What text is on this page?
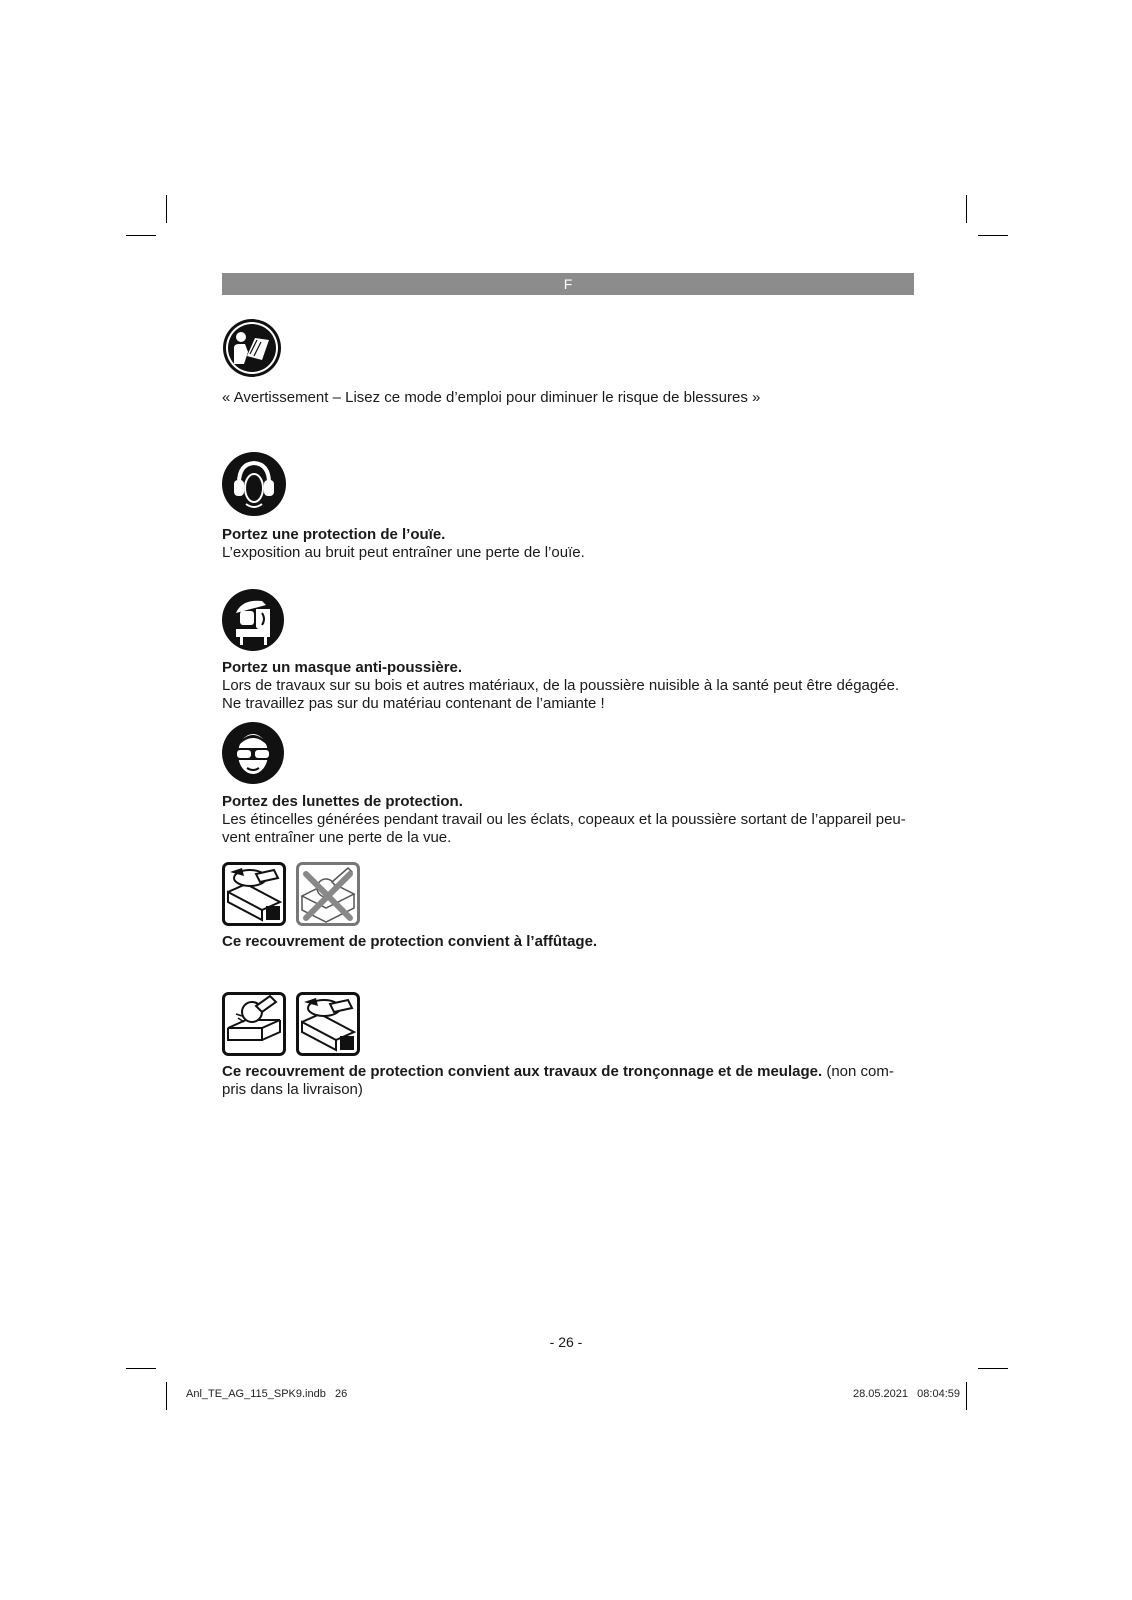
F

« Avertissement – Lisez ce mode d’emploi pour diminuer le risque de blessures »

Portez une protection de l’ouïe.

L’exposition au bruit peut entraîner une perte de l’ouïe.

Portez un masque anti-poussière.

Lors de travaux sur su bois et autres matériaux, de la poussière nuisible à la santé peut être dégagée.

Ne travaillez pas sur du matériau contenant de l’amiante !

Portez des lunettes de protection.

Les étincelles générées pendant travail ou les éclats, copeaux et la poussière sortant de l’appareil peu-

vent entraîner une perte de la vue.

Ce recouvrement de protection convient à l’affûtage.

Ce recouvrement de protection convient aux travaux de tronçonnage et de meulage. (non com-

pris dans la livraison)

- 26 -
Anl_TE_AG_115_SPK9.indb   26	28.05.2021   08:04:59
